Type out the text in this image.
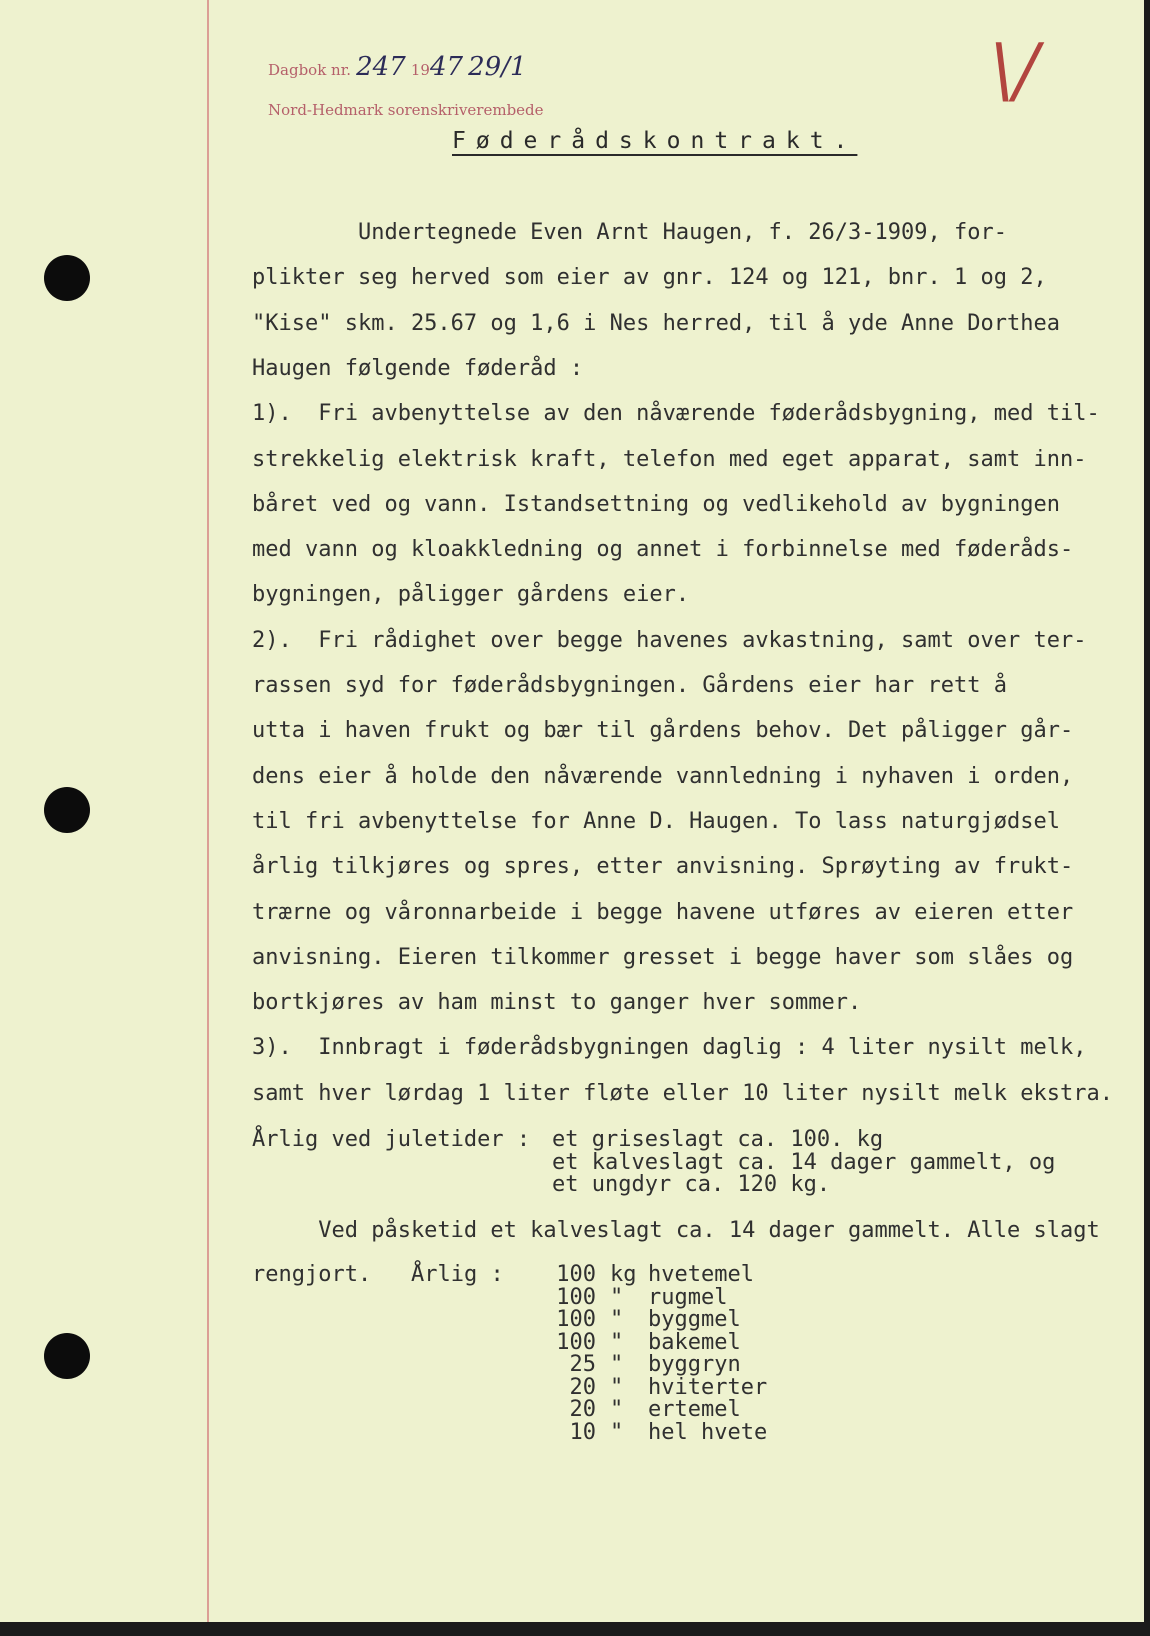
Dagbok nr. 247 1947 29/1
Nord-Hedmark sorenskriverembede	\/
Føderådskontrakt.
Undertegnede Even Arnt Haugen, f. 26/3-1909, for-
plikter seg herved som eier av gnr. 124 og 121, bnr. 1 og 2,
"Kise" skm. 25.67 og 1,6 i Nes herred, til å yde Anne Dorthea
Haugen følgende føderåd :
1).  Fri avbenyttelse av den nåværende føderådsbygning, med til-
strekkelig elektrisk kraft, telefon med eget apparat, samt inn-
båret ved og vann. Istandsettning og vedlikehold av bygningen
med vann og kloakkledning og annet i forbinnelse med føderåds-
bygningen, påligger gårdens eier.
2).  Fri rådighet over begge havenes avkastning, samt over ter-
rassen syd for føderådsbygningen. Gårdens eier har rett å
utta i haven frukt og bær til gårdens behov. Det påligger går-
dens eier å holde den nåværende vannledning i nyhaven i orden,
til fri avbenyttelse for Anne D. Haugen. To lass naturgjødsel
årlig tilkjøres og spres, etter anvisning. Sprøyting av frukt-
trærne og våronnarbeide i begge havene utføres av eieren etter
anvisning. Eieren tilkommer gresset i begge haver som slåes og
bortkjøres av ham minst to ganger hver sommer.
3).  Innbragt i føderådsbygningen daglig : 4 liter nysilt melk,
samt hver lørdag 1 liter fløte eller 10 liter nysilt melk ekstra.
Årlig ved juletider : et griseslagt ca. 100. kg
et kalveslagt ca. 14 dager gammelt, og
et ungdyr ca. 120 kg.
Ved påsketid et kalveslagt ca. 14 dager gammelt. Alle slagt
rengjort. Årlig :	100
100
100
100
25
20
20
10
kg
"
"
"
"
"
"
"
hvetemel
rugmel
byggmel
bakemel
byggryn
hviterter
ertemel
hel hvete
